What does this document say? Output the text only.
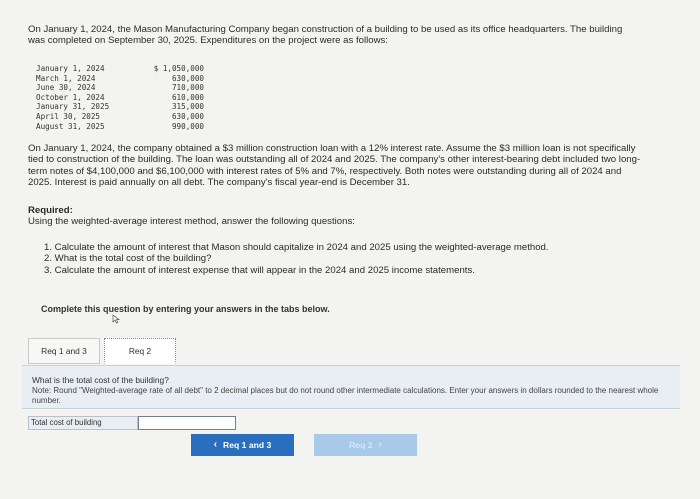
On January 1, 2024, the Mason Manufacturing Company began construction of a building to be used as its office headquarters. The building was completed on September 30, 2025. Expenditures on the project were as follows:

January 1, 2024
March 1, 2024
June 30, 2024
October 1, 2024
January 31, 2025
April 30, 2025
August 31, 2025
$ 1,050,000
630,000
710,000
610,000
315,000
630,000
990,000

On January 1, 2024, the company obtained a $3 million construction loan with a 12% interest rate. Assume the $3 million loan is not specifically tied to construction of the building. The loan was outstanding all of 2024 and 2025. The company's other interest-bearing debt included two long-term notes of $4,100,000 and $6,100,000 with interest rates of 5% and 7%, respectively. Both notes were outstanding during all of 2024 and 2025. Interest is paid annually on all debt. The company's fiscal year-end is December 31.

Required:

Using the weighted-average interest method, answer the following questions:

1. Calculate the amount of interest that Mason should capitalize in 2024 and 2025 using the weighted-average method.
2. What is the total cost of the building?
3. Calculate the amount of interest expense that will appear in the 2024 and 2025 income statements.
Complete this question by entering your answers in the tabs below.
Req 1 and 3	Req 2
What is the total cost of the building?
Note: Round "Weighted-average rate of all debt" to 2 decimal places but do not round other intermediate calculations. Enter your answers in dollars rounded to the nearest whole number.
Total cost of building
‹ Req 1 and 3	Req 2 ›
